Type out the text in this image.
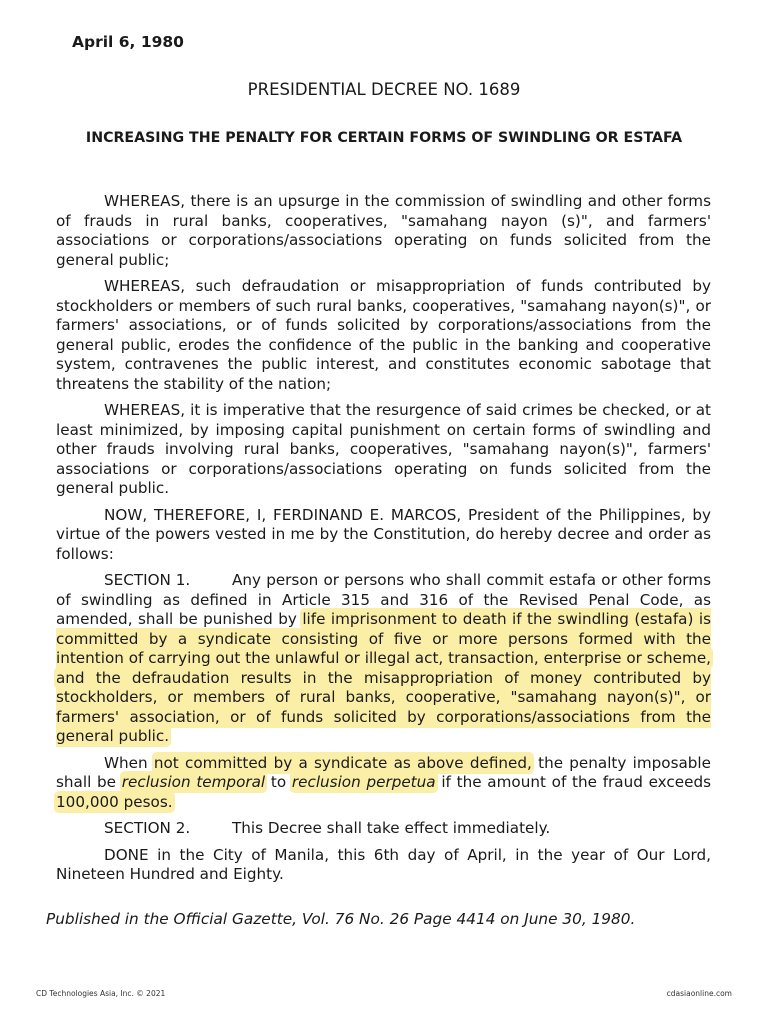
April 6, 1980
PRESIDENTIAL DECREE NO. 1689
INCREASING THE PENALTY FOR CERTAIN FORMS OF SWINDLING OR ESTAFA

WHEREAS, there is an upsurge in the commission of swindling and other forms of frauds in rural banks, cooperatives, "samahang nayon (s)", and farmers' associations or corporations/associations operating on funds solicited from the general public;

WHEREAS, such defraudation or misappropriation of funds contributed by stockholders or members of such rural banks, cooperatives, "samahang nayon(s)", or farmers' associations, or of funds solicited by corporations/associations from the general public, erodes the confidence of the public in the banking and cooperative system, contravenes the public interest, and constitutes economic sabotage that threatens the stability of the nation;

WHEREAS, it is imperative that the resurgence of said crimes be checked, or at least minimized, by imposing capital punishment on certain forms of swindling and other frauds involving rural banks, cooperatives, "samahang nayon(s)", farmers' associations or corporations/associations operating on funds solicited from the general public.

NOW, THEREFORE, I, FERDINAND E. MARCOS, President of the Philippines, by virtue of the powers vested in me by the Constitution, do hereby decree and order as follows:

SECTION 1.	Any person or persons who shall commit estafa or other forms of swindling as defined in Article 315 and 316 of the Revised Penal Code, as amended, shall be punished by life imprisonment to death if the swindling (estafa) is committed by a syndicate consisting of five or more persons formed with the intention of carrying out the unlawful or illegal act, transaction, enterprise or scheme, and the defraudation results in the misappropriation of money contributed by stockholders, or members of rural banks, cooperative, "samahang nayon(s)", or farmers' association, or of funds solicited by corporations/associations from the general public.

When not committed by a syndicate as above defined, the penalty imposable shall be reclusion temporal to reclusion perpetua if the amount of the fraud exceeds 100,000 pesos.

SECTION 2.	This Decree shall take effect immediately.

DONE in the City of Manila, this 6th day of April, in the year of Our Lord, Nineteen Hundred and Eighty.

Published in the Official Gazette, Vol. 76 No. 26 Page 4414 on June 30, 1980.
CD Technologies Asia, Inc. © 2021	cdasiaonline.com
